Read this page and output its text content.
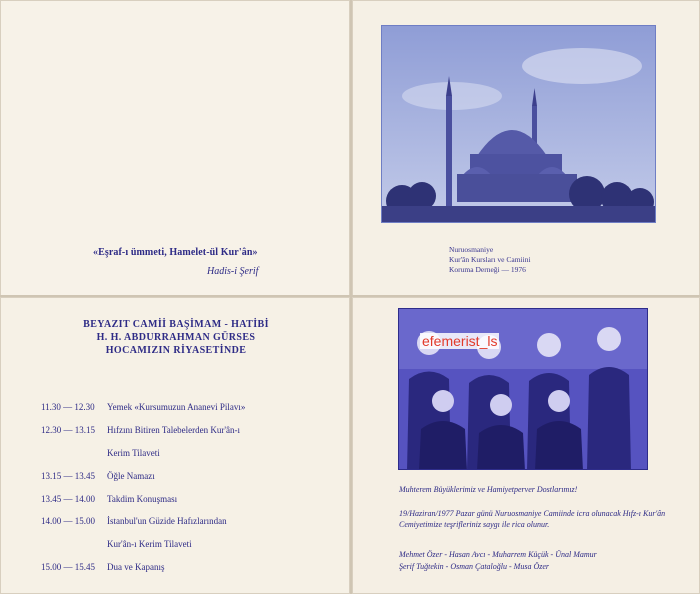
«Eşraf-ı ümmeti, Hamelet-ül Kur'ân»
Hadis-i Şerif
Nuruosmaniye
Kur'ân Kursları ve Camiini
Koruma Derneği — 1976
BEYAZIT CAMİİ BAŞİMAM - HATİBİ
H. H. ABDURRAHMAN GÜRSES
HOCAMIZIN RİYASETİNDE
11.30 — 12.30 Yemek «Kursumuzun Ananevi Pilavı»
12.30 — 13.15 Hıfzını Bitiren Talebelerden Kur'ân-ı
Kerim Tilaveti
13.15 — 13.45 Öğle Namazı
13.45 — 14.00 Takdim Konuşması
14.00 — 15.00 İstanbul'un Güzide Hafızlarından
Kur'ân-ı Kerim Tilaveti
15.00 — 15.45 Dua ve Kapanış
Muhterem Büyüklerimiz ve Hamiyetperver Dostlarımız!
19/Haziran/1977 Pazar günü Nuruosmaniye Camiinde icra olunacak Hıfz-ı Kur'ân Cemiyetimize teşrifleriniz saygı ile rica olunur.
Mehmet Özer - Hasan Avcı - Muharrem Küçük - Ünal Mamur
Şerif Tuğtekin - Osman Çataloğlu - Musa Özer
efemerist_ls
